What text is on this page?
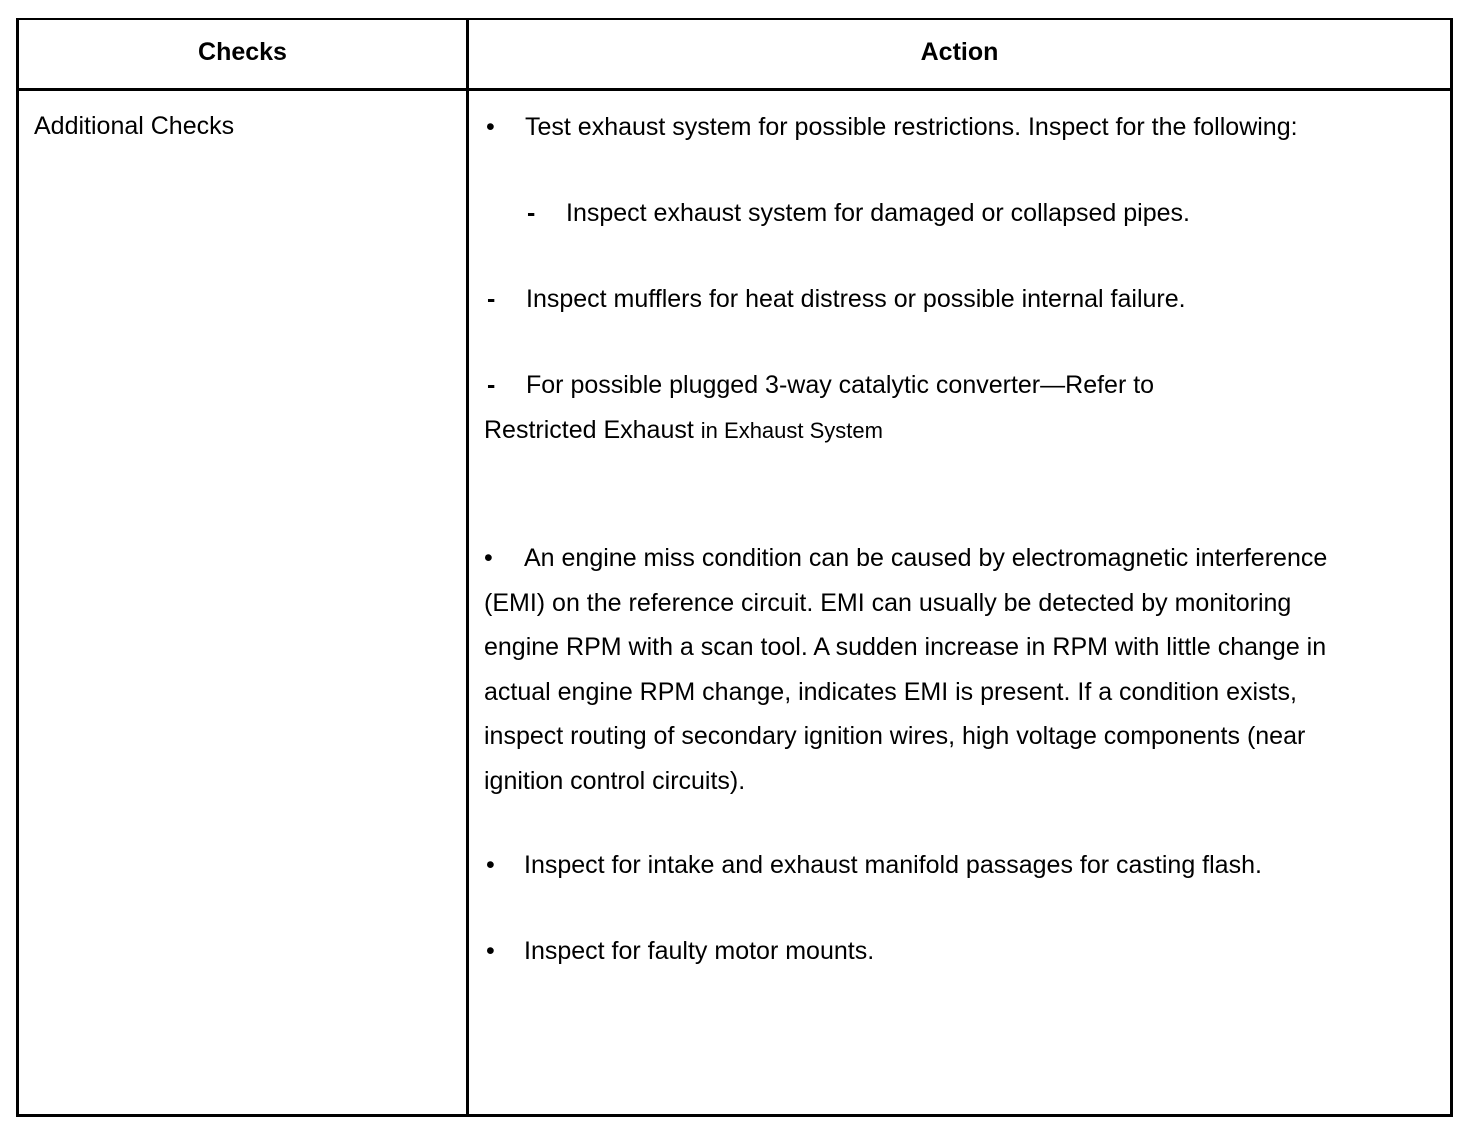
Checks	Action
Additional Checks	• Test exhaust system for possible restrictions. Inspect for the following:
- Inspect exhaust system for damaged or collapsed pipes.
- Inspect mufflers for heat distress or possible internal failure.
- For possible plugged 3-way catalytic converter—Refer to
Restricted Exhaust in Exhaust System
• An engine miss condition can be caused by electromagnetic interference (EMI) on the reference circuit. EMI can usually be detected by monitoring engine RPM with a scan tool. A sudden increase in RPM with little change in actual engine RPM change, indicates EMI is present. If a condition exists, inspect routing of secondary ignition wires, high voltage components (near ignition control circuits).
• Inspect for intake and exhaust manifold passages for casting flash.
• Inspect for faulty motor mounts.
